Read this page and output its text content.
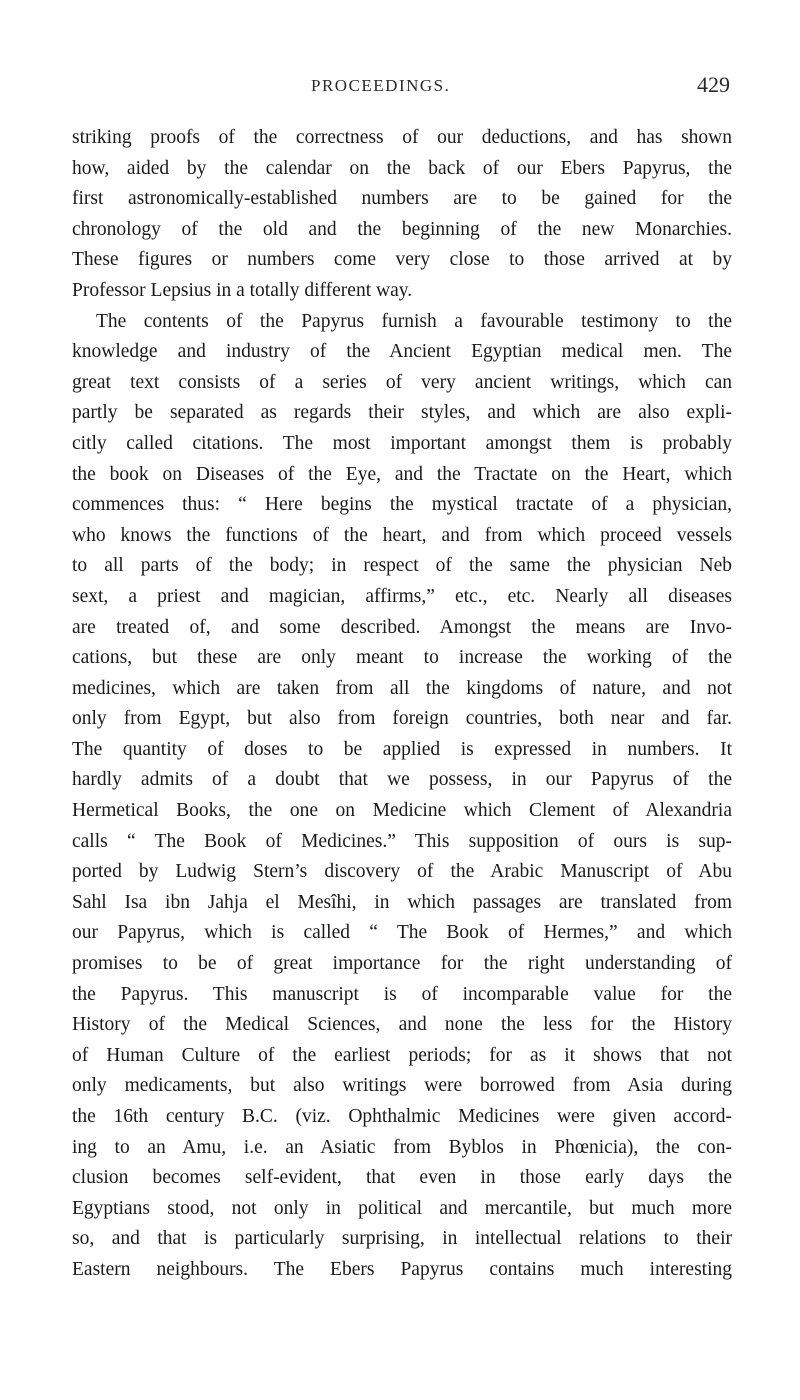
PROCEEDINGS.	429
striking proofs of the correctness of our deductions, and has shown
how, aided by the calendar on the back of our Ebers Papyrus, the
first astronomically-established numbers are to be gained for the
chronology of the old and the beginning of the new Monarchies.
These figures or numbers come very close to those arrived at by
Professor Lepsius in a totally different way.
The contents of the Papyrus furnish a favourable testimony to the
knowledge and industry of the Ancient Egyptian medical men. The
great text consists of a series of very ancient writings, which can
partly be separated as regards their styles, and which are also expli-
citly called citations. The most important amongst them is probably
the book on Diseases of the Eye, and the Tractate on the Heart, which
commences thus: “ Here begins the mystical tractate of a physician,
who knows the functions of the heart, and from which proceed vessels
to all parts of the body; in respect of the same the physician Neb
sext, a priest and magician, affirms,” etc., etc. Nearly all diseases
are treated of, and some described. Amongst the means are Invo-
cations, but these are only meant to increase the working of the
medicines, which are taken from all the kingdoms of nature, and not
only from Egypt, but also from foreign countries, both near and far.
The quantity of doses to be applied is expressed in numbers. It
hardly admits of a doubt that we possess, in our Papyrus of the
Hermetical Books, the one on Medicine which Clement of Alexandria
calls “ The Book of Medicines.” This supposition of ours is sup-
ported by Ludwig Stern’s discovery of the Arabic Manuscript of Abu
Sahl Isa ibn Jahja el Mesîhi, in which passages are translated from
our Papyrus, which is called “ The Book of Hermes,” and which
promises to be of great importance for the right understanding of
the Papyrus. This manuscript is of incomparable value for the
History of the Medical Sciences, and none the less for the History
of Human Culture of the earliest periods; for as it shows that not
only medicaments, but also writings were borrowed from Asia during
the 16th century B.C. (viz. Ophthalmic Medicines were given accord-
ing to an Amu, i.e. an Asiatic from Byblos in Phœnicia), the con-
clusion becomes self-evident, that even in those early days the
Egyptians stood, not only in political and mercantile, but much more
so, and that is particularly surprising, in intellectual relations to their
Eastern neighbours. The Ebers Papyrus contains much interesting
